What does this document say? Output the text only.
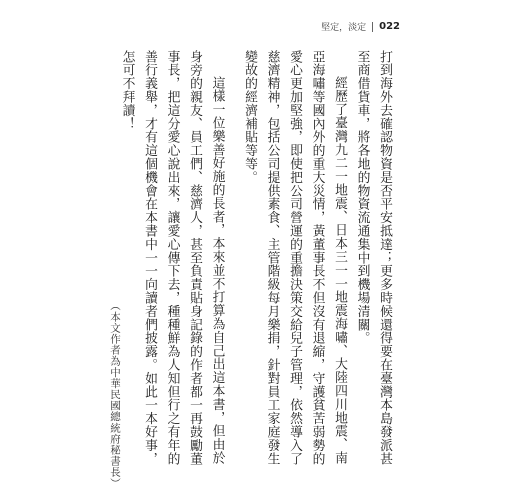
堅定，淡定 022

打到海外去確認物資是否平安抵達；更多時候還得要在臺灣本島發派甚至商借貨車，將各地的物資流通集中到機場清關。

經歷了臺灣九二一地震、日本三一一地震海嘯、大陸四川地震、南亞海嘯等國內外的重大災情，黃董事長不但沒有退縮，守護貧苦弱勢的愛心更加堅強，即使把公司營運的重擔決策交給兒子管理，依然導入了慈濟精神，包括公司提供素食、主管階級每月樂捐，針對員工家庭發生變故的經濟補貼等等。

這樣一位樂善好施的長者，本來並不打算為自己出這本書，但由於身旁的親友、員工們、慈濟人，甚至負責貼身記錄的作者都一再鼓勵董事長，把這分愛心說出來，讓愛心傳下去，種種鮮為人知但行之有年的善行義舉，才有這個機會在本書中一一向讀者們披露。如此一本好事，怎可不拜讀！

（本文作者為中華民國總統府秘書長）
